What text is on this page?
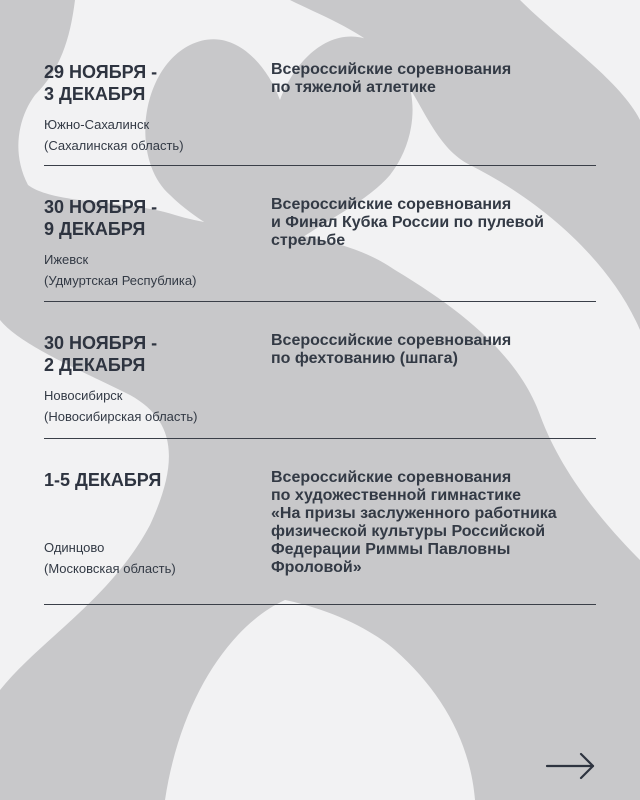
29 НОЯБРЯ -
3 ДЕКАБРЯ

Южно-Сахалинск
(Сахалинская область)

Всероссийские соревнования
по тяжелой атлетике

30 НОЯБРЯ -
9 ДЕКАБРЯ

Ижевск
(Удмуртская Республика)

Всероссийские соревнования
и Финал Кубка России по пулевой
стрельбе

30 НОЯБРЯ -
2 ДЕКАБРЯ

Новосибирск
(Новосибирская область)

Всероссийские соревнования
по фехтованию (шпага)

1-5 ДЕКАБРЯ

Одинцово
(Московская область)

Всероссийские соревнования
по художественной гимнастике
«На призы заслуженного работника
физической культуры Российской
Федерации Риммы Павловны
Фроловой»
